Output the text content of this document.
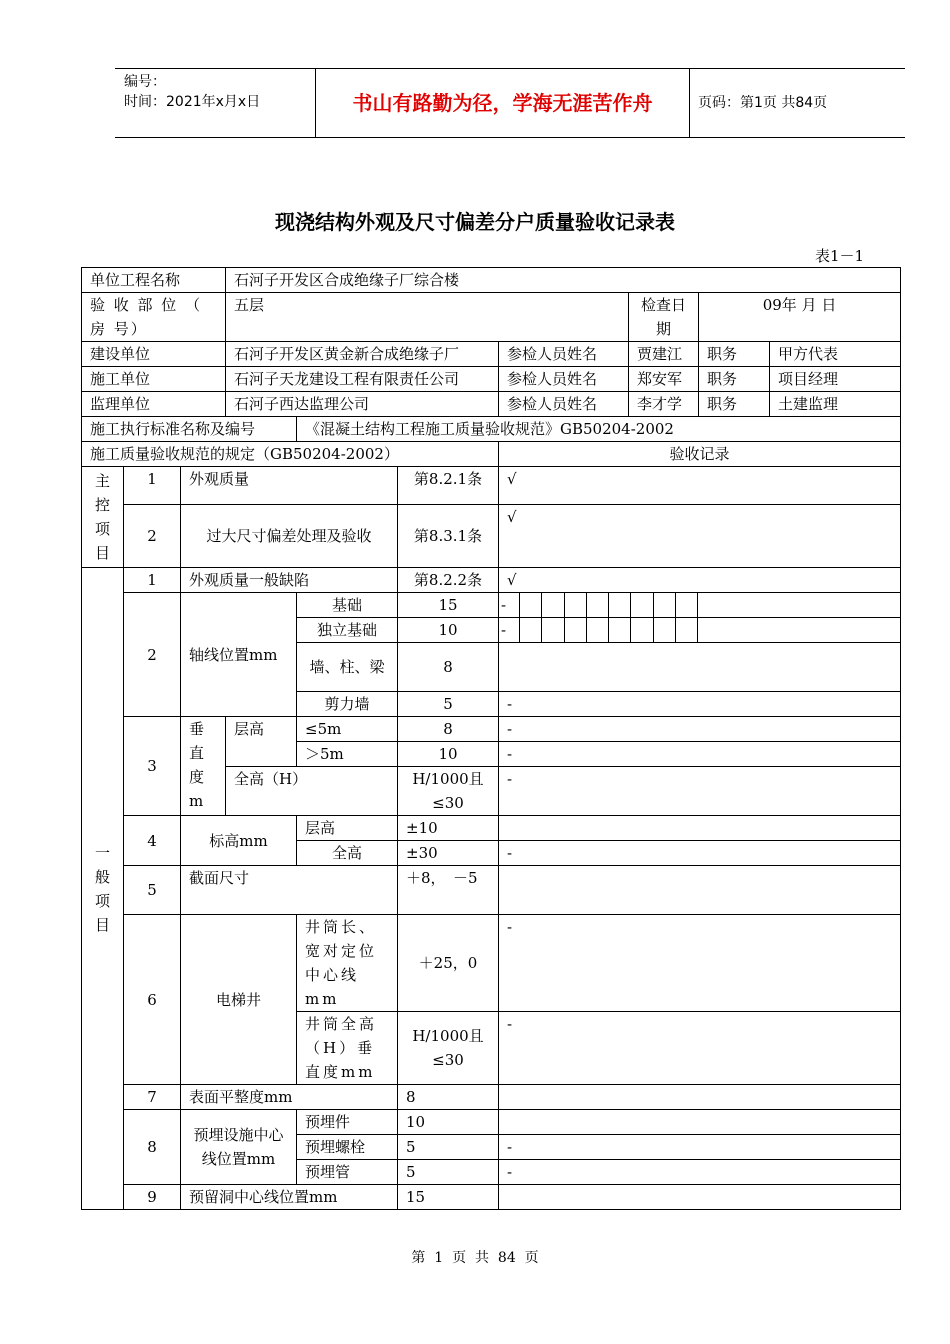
编号：
时间：2021年x月x日	书山有路勤为径，学海无涯苦作舟	页码：第1页 共84页
现浇结构外观及尺寸偏差分户质量验收记录表
表1－1
单位工程名称	石河子开发区合成绝缘子厂综合楼
验 收 部 位 （ 房 号）	五层	检查日期	09年 月 日
建设单位	石河子开发区黄金新合成绝缘子厂	参检人员姓名	贾建江	职务	甲方代表
施工单位	石河子天龙建设工程有限责任公司	参检人员姓名	郑安军	职务	项目经理
监理单位	石河子西达监理公司	参检人员姓名	李才学	职务	土建监理
施工执行标准名称及编号	《混凝土结构工程施工质量验收规范》GB50204-2002
施工质量验收规范的规定（GB50204-2002）	验收记录
主控项目	1	外观质量	第8.2.1条	√
2	过大尺寸偏差处理及验收	第8.3.1条	√
一般项目	1	外观质量一般缺陷	第8.2.2条	√
2	轴线位置mm	基础	15		-									

独立基础	10		-									

墙、柱、梁	8	
剪力墙	5	-
3	垂直度m	层高	≤5m	8	-
＞5m	10	-
全高（H）	H/1000且≤30	-
4	标高mm	层高	±10	
全高	±30	-
5	截面尺寸	＋8，　－5	
6	电梯井	井筒长、宽对定位中心线mm	＋25，0	-
井筒全高（H）垂直度mm	H/1000且≤30	-
7	表面平整度mm	8	
8	预埋设施中心线位置mm	预埋件	10	
预埋螺栓	5	-
预埋管	5	-
9	预留洞中心线位置mm	15	
第 1 页 共 84 页
